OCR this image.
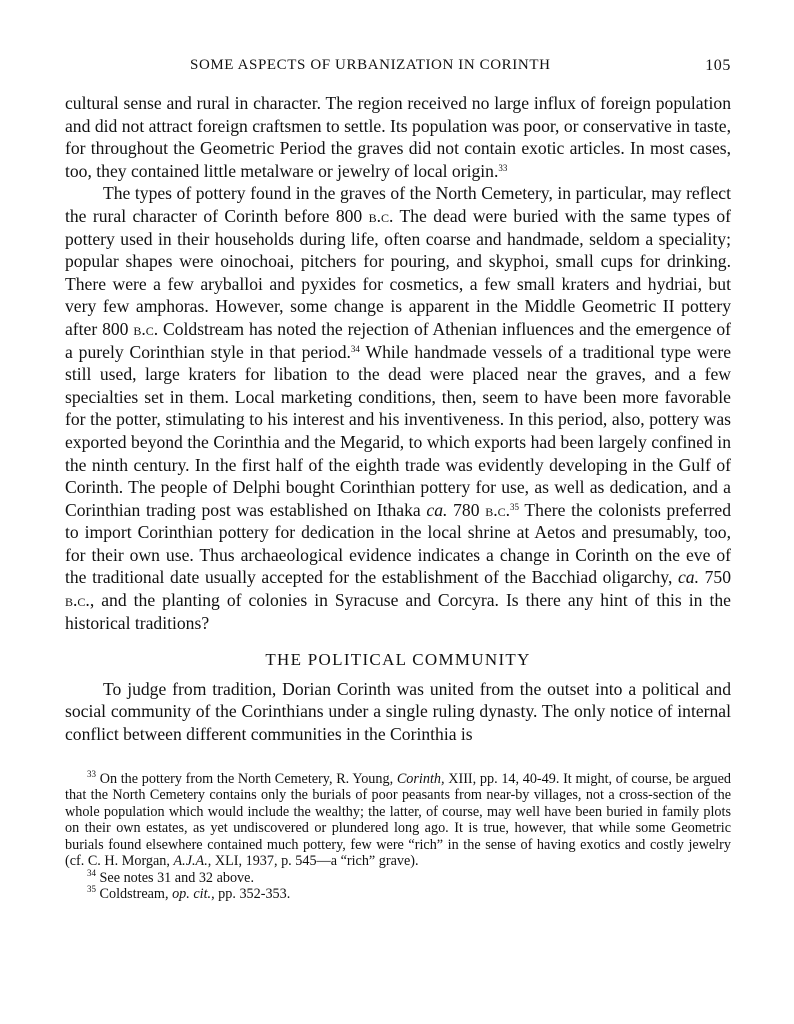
SOME ASPECTS OF URBANIZATION IN CORINTH	105

cultural sense and rural in character. The region received no large influx of foreign population and did not attract foreign craftsmen to settle. Its population was poor, or conservative in taste, for throughout the Geometric Period the graves did not contain exotic articles. In most cases, too, they contained little metalware or jewelry of local origin.$^{33}$

The types of pottery found in the graves of the North Cemetery, in particular, may reflect the rural character of Corinth before 800 b.c. The dead were buried with the same types of pottery used in their households during life, often coarse and handmade, seldom a speciality; popular shapes were oinochoai, pitchers for pouring, and skyphoi, small cups for drinking. There were a few aryballoi and pyxides for cosmetics, a few small kraters and hydriai, but very few amphoras. However, some change is apparent in the Middle Geometric II pottery after 800 b.c. Coldstream has noted the rejection of Athenian influences and the emergence of a purely Corinthian style in that period.$^{34}$ While handmade vessels of a traditional type were still used, large kraters for libation to the dead were placed near the graves, and a few specialties set in them. Local marketing conditions, then, seem to have been more favorable for the potter, stimulating to his interest and his inventiveness. In this period, also, pottery was exported beyond the Corinthia and the Megarid, to which exports had been largely confined in the ninth century. In the first half of the eighth trade was evidently developing in the Gulf of Corinth. The people of Delphi bought Corinthian pottery for use, as well as dedication, and a Corinthian trading post was established on Ithaka ca. 780 b.c.$^{35}$ There the colonists preferred to import Corinthian pottery for dedication in the local shrine at Aetos and presumably, too, for their own use. Thus archaeological evidence indicates a change in Corinth on the eve of the traditional date usually accepted for the establishment of the Bacchiad oligarchy, ca. 750 b.c., and the planting of colonies in Syracuse and Corcyra. Is there any hint of this in the historical traditions?

THE POLITICAL COMMUNITY

To judge from tradition, Dorian Corinth was united from the outset into a political and social community of the Corinthians under a single ruling dynasty. The only notice of internal conflict between different communities in the Corinthia is

$^{33}$ On the pottery from the North Cemetery, R. Young, Corinth, XIII, pp. 14, 40-49. It might, of course, be argued that the North Cemetery contains only the burials of poor peasants from near-by villages, not a cross-section of the whole population which would include the wealthy; the latter, of course, may well have been buried in family plots on their own estates, as yet undiscovered or plundered long ago. It is true, however, that while some Geometric burials found elsewhere contained much pottery, few were “rich” in the sense of having exotics and costly jewelry (cf. C. H. Morgan, A.J.A., XLI, 1937, p. 545—a “rich” grave).

$^{34}$ See notes 31 and 32 above.

$^{35}$ Coldstream, op. cit., pp. 352-353.
